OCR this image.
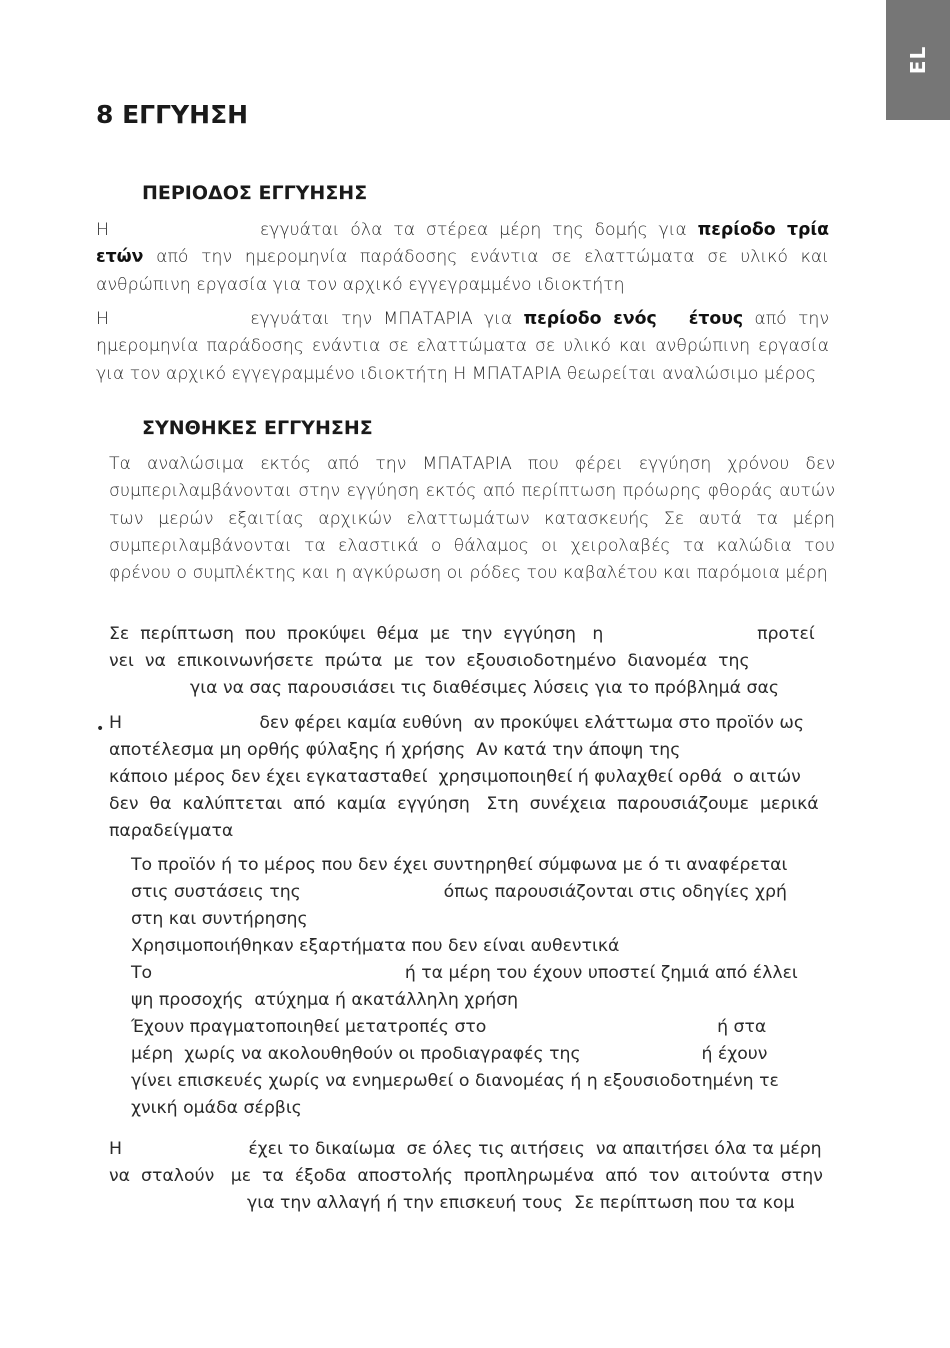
EL
8 ΕΓΓΥΗΣΗ
ΠΕΡΙΟΔΟΣ ΕΓΓΥΗΣΗΣ

Η	εγγυάται όλα τα στέρεα μέρη της δομής για περίοδο τρία ετών από την ημερομηνία παράδοσης ενάντια σε ελαττώματα σε υλικό και ανθρώπινη εργασία για τον αρχικό εγγεγραμμένο ιδιοκτήτη

Η	εγγυάται την ΜΠΑΤΑΡΙΑ για περίοδο ενός έτους από την ημερομηνία παράδοσης ενάντια σε ελαττώματα σε υλικό και ανθρώπινη εργασία για τον αρχικό εγγεγραμμένο ιδιοκτήτη Η ΜΠΑΤΑΡΙΑ θεωρείται αναλώσιμο μέρος

ΣΥΝΘΗΚΕΣ ΕΓΓΥΗΣΗΣ

Τα αναλώσιμα εκτός από την ΜΠΑΤΑΡΙΑ που φέρει εγγύηση χρόνου δεν συμπεριλαμβάνονται στην εγγύηση εκτός από περίπτωση πρόωρης φθοράς αυτών των μερών εξαιτίας αρχικών ελαττωμάτων κατασκευής Σε αυτά τα μέρη συμπεριλαμβάνονται τα ελαστικά ο θάλαμος οι χειρολαβές τα καλώδια του φρένου ο συμπλέκτης και η αγκύρωση οι ρόδες του καβαλέτου και παρόμοια μέρη

Σε  περίπτωση  που  προκύψει  θέμα  με  την  εγγύηση   η                            προτεί

νει  να  επικοινωνήσετε  πρώτα  με  τον  εξουσιοδοτημένο  διανομέα  της

για να σας παρουσιάσει τις διαθέσιμες λύσεις για το πρόβλημά σας

• Η                         δεν φέρει καμία ευθύνη  αν προκύψει ελάττωμα στο προϊόν ως

αποτέλεσμα μη ορθής φύλαξης ή χρήσης  Αν κατά την άποψη της

κάποιο μέρος δεν έχει εγκατασταθεί  χρησιμοποιηθεί ή φυλαχθεί ορθά  ο αιτών

δεν  θα  καλύπτεται  από  καμία  εγγύηση   Στη  συνέχεια  παρουσιάζουμε  μερικά

παραδείγματα

Το προϊόν ή το μέρος που δεν έχει συντηρηθεί σύμφωνα με ό τι αναφέρεται

στις συστάσεις της                          όπως παρουσιάζονται στις οδηγίες χρή

στη και συντήρησης

Χρησιμοποιήθηκαν εξαρτήματα που δεν είναι αυθεντικά

Το                                              ή τα μέρη του έχουν υποστεί ζημιά από έλλει

ψη προσοχής  ατύχημα ή ακατάλληλη χρήση

Έχουν πραγματοποιηθεί μετατροπές στο                                          ή στα

μέρη  χωρίς να ακολουθηθούν οι προδιαγραφές της                      ή έχουν

γίνει επισκευές χωρίς να ενημερωθεί ο διανομέας ή η εξουσιοδοτημένη τε

χνική ομάδα σέρβις

Η                       έχει το δικαίωμα  σε όλες τις αιτήσεις  να απαιτήσει όλα τα μέρη

να  σταλούν   με  τα  έξοδα  αποστολής  προπληρωμένα  από  τον  αιτούντα  στην

για την αλλαγή ή την επισκευή τους  Σε περίπτωση που τα κομ
